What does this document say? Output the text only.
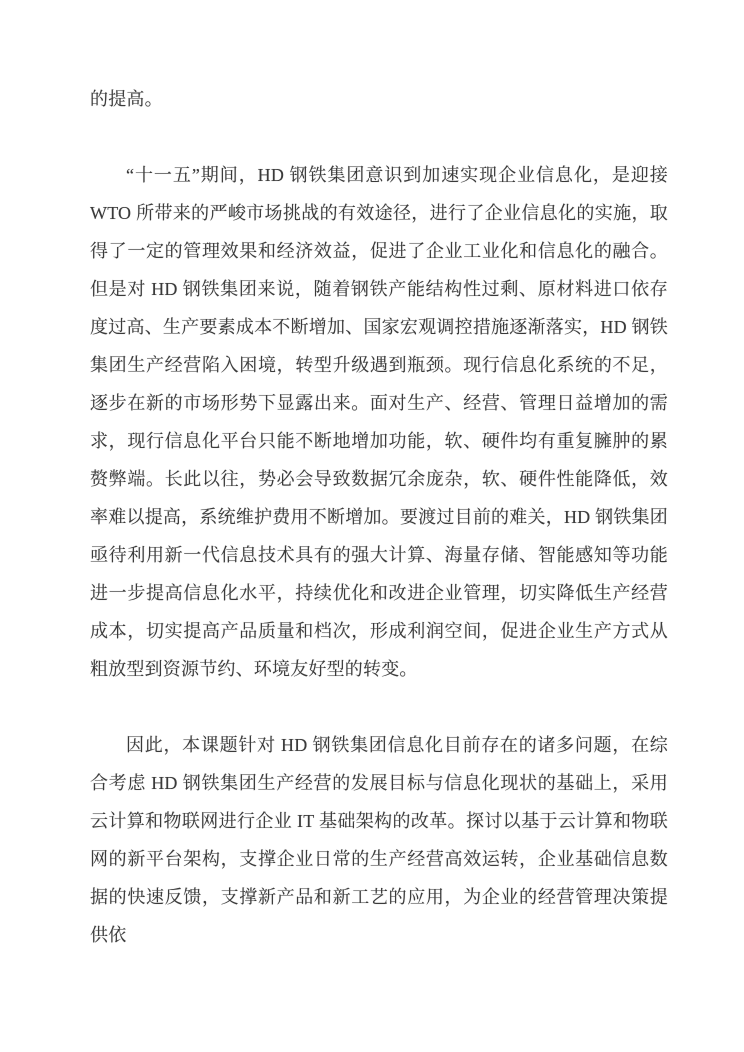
的提高。

“十一五”期间，HD 钢铁集团意识到加速实现企业信息化，是迎接 WTO 所带来的严峻市场挑战的有效途径，进行了企业信息化的实施，取得了一定的管理效果和经济效益，促进了企业工业化和信息化的融合。但是对 HD 钢铁集团来说，随着钢铁产能结构性过剩、原材料进口依存度过高、生产要素成本不断增加、国家宏观调控措施逐渐落实，HD 钢铁集团生产经营陷入困境，转型升级遇到瓶颈。现行信息化系统的不足，逐步在新的市场形势下显露出来。面对生产、经营、管理日益增加的需求，现行信息化平台只能不断地增加功能，软、硬件均有重复臃肿的累赘弊端。长此以往，势必会导致数据冗余庞杂，软、硬件性能降低，效率难以提高，系统维护费用不断增加。要渡过目前的难关，HD 钢铁集团亟待利用新一代信息技术具有的强大计算、海量存储、智能感知等功能进一步提高信息化水平，持续优化和改进企业管理，切实降低生产经营成本，切实提高产品质量和档次，形成利润空间，促进企业生产方式从粗放型到资源节约、环境友好型的转变。

因此，本课题针对 HD 钢铁集团信息化目前存在的诸多问题，在综合考虑 HD 钢铁集团生产经营的发展目标与信息化现状的基础上，采用云计算和物联网进行企业 IT 基础架构的改革。探讨以基于云计算和物联网的新平台架构，支撑企业日常的生产经营高效运转，企业基础信息数据的快速反馈，支撑新产品和新工艺的应用，为企业的经营管理决策提供依
